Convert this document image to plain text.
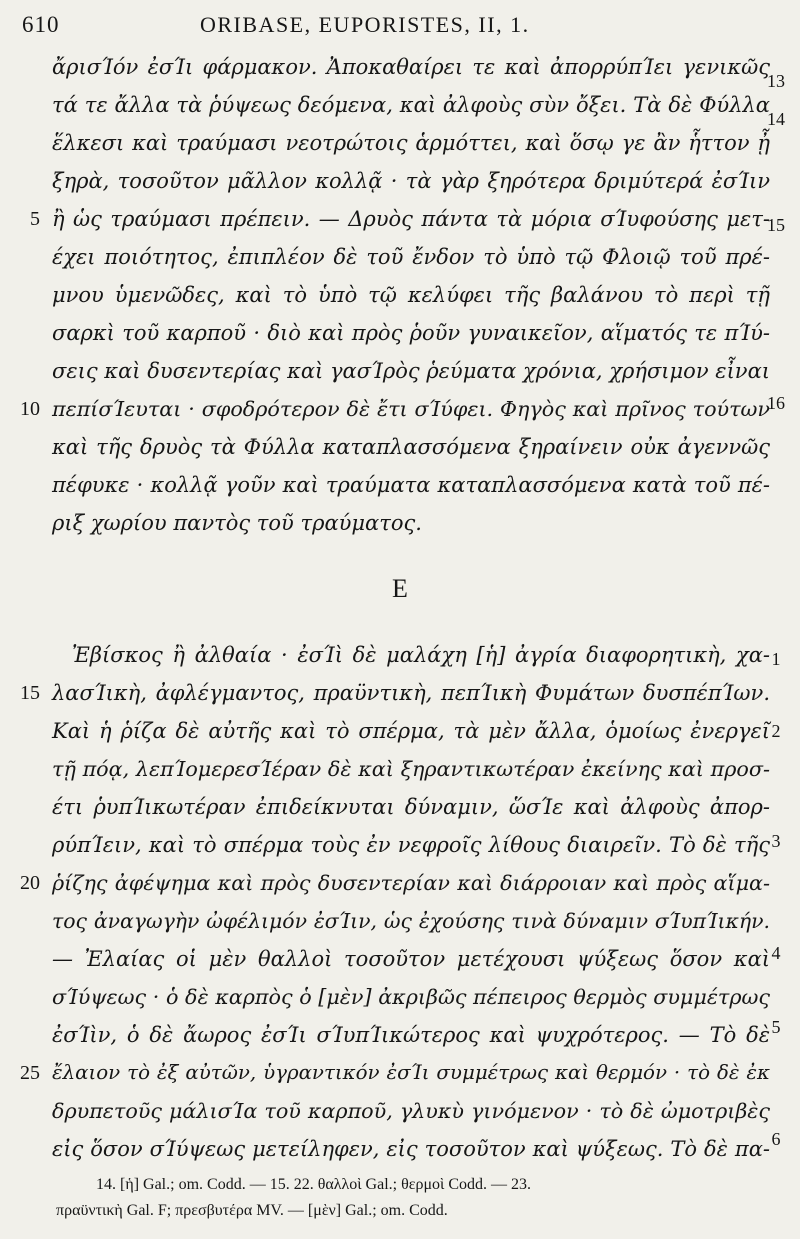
610	ORIBASE, EUPORISTES, II, 1.
ἄρισΊόν ἐσΊι φάρμακον. Ἀποκαθαίρει τε καὶ ἀπορρύπΊει γενικῶς
τά τε ἄλλα τὰ ῥύψεως δεόμενα, καὶ ἀλφοὺς σὺν ὄξει. Τὰ δὲ Φύλλα
ἕλκεσι καὶ τραύμασι νεοτρώτοις ἁρμόττει, καὶ ὅσῳ γε ἂν ἧττον ᾖ
ξηρὰ, τοσοῦτον μᾶλλον κολλᾷ · τὰ γὰρ ξηρότερα δριμύτερά ἐσΊιν
ἢ ὡς τραύμασι πρέπειν. — Δρυὸς πάντα τὰ μόρια σΊυφούσης μετ-
έχει ποιότητος, ἐπιπλέον δὲ τοῦ ἔνδον τὸ ὑπὸ τῷ Φλοιῷ τοῦ πρέ-
μνου ὑμενῶδες, καὶ τὸ ὑπὸ τῷ κελύφει τῆς βαλάνου τὸ περὶ τῇ
σαρκὶ τοῦ καρποῦ · διὸ καὶ πρὸς ῥοῦν γυναικεῖον, αἵματός τε πΊύ-
σεις καὶ δυσεντερίας καὶ γασΊρὸς ῥεύματα χρόνια, χρήσιμον εἶναι
πεπίσΊευται · σφοδρότερον δὲ ἔτι σΊύφει. Φηγὸς καὶ πρῖνος τούτων
καὶ τῆς δρυὸς τὰ Φύλλα καταπλασσόμενα ξηραίνειν οὐκ ἀγεννῶς
πέφυκε · κολλᾷ γοῦν καὶ τραύματα καταπλασσόμενα κατὰ τοῦ πέ-
ριξ χωρίου παντὸς τοῦ τραύματος.
E
Ἐβίσκος ἢ ἀλθαία · ἐσΊὶ δὲ μαλάχη [ἡ] ἀγρία διαφορητικὴ, χα-
λασΊικὴ, ἀφλέγμαντος, πραϋντικὴ, πεπΊικὴ Φυμάτων δυσπέπΊων.
Καὶ ἡ ῥίζα δὲ αὐτῆς καὶ τὸ σπέρμα, τὰ μὲν ἄλλα, ὁμοίως ἐνεργεῖ
τῇ πόᾳ, λεπΊομερεσΊέραν δὲ καὶ ξηραντικωτέραν ἐκείνης καὶ προσ-
έτι ῥυπΊικωτέραν ἐπιδείκνυται δύναμιν, ὥσΊε καὶ ἀλφοὺς ἀπορ-
ρύπΊειν, καὶ τὸ σπέρμα τοὺς ἐν νεφροῖς λίθους διαιρεῖν. Τὸ δὲ τῆς
ῥίζης ἀφέψημα καὶ πρὸς δυσεντερίαν καὶ διάρροιαν καὶ πρὸς αἵμα-
τος ἀναγωγὴν ὠφέλιμόν ἐσΊιν, ὡς ἐχούσης τινὰ δύναμιν σΊυπΊικήν.
— Ἐλαίας οἱ μὲν θαλλοὶ τοσοῦτον μετέχουσι ψύξεως ὅσον καὶ
σΊύψεως · ὁ δὲ καρπὸς ὁ [μὲν] ἀκριβῶς πέπειρος θερμὸς συμμέτρως
ἐσΊὶν, ὁ δὲ ἄωρος ἐσΊι σΊυπΊικώτερος καὶ ψυχρότερος. — Τὸ δὲ
ἔλαιον τὸ ἐξ αὐτῶν, ὑγραντικόν ἐσΊι συμμέτρως καὶ θερμόν · τὸ δὲ ἐκ
δρυπετοῦς μάλισΊα τοῦ καρποῦ, γλυκὺ γινόμενον · τὸ δὲ ὠμοτριβὲς
εἰς ὅσον σΊύψεως μετείληφεν, εἰς τοσοῦτον καὶ ψύξεως. Τὸ δὲ πα-
5
10
15
20
25
13
14
15
16
1
2
3
4
5
6
14. [ἡ] Gal.; om. Codd. — 15. 22. θαλλοὶ Gal.; θερμοὶ Codd. — 23.
πραϋντικὴ Gal. F; πρεσβυτέρα MV. — [μὲν] Gal.; om. Codd.
